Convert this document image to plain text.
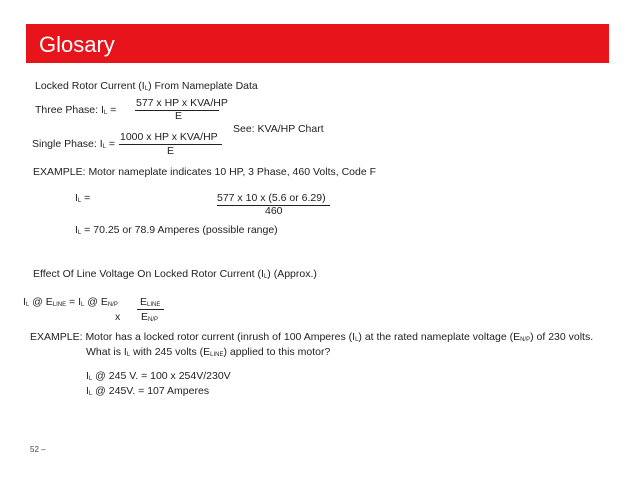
Glosary
Locked Rotor Current $(I_L)$ From Nameplate Data
Three Phase: $I_L$ =
577 x HP x KVA/HP
E
See: KVA/HP Chart
Single Phase: $I_L$ =
1000 x HP x KVA/HP
E
EXAMPLE: Motor nameplate indicates 10 HP, 3 Phase, 460 Volts, Code F
$I_L$ =	577 x 10 x (5.6 or 6.29)
460
$I_L = 70.25$ or 78.9 Amperes (possible range)
Effect Of Line Voltage On Locked Rotor Current $(I_L)$ (Approx.)
$I_L$ @ $E_{LINE} = I_L$ @ $E_{N/P}$ $E_{LINE}$
x $E_{N/P}$
EXAMPLE: Motor has a locked rotor current (inrush of 100 Amperes $(I_L)$ at the rated nameplate voltage $(E_{N/P})$ of 230 volts.
What is $I_L$ with 245 volts $(E_{LINE})$ applied to this motor?
$I_L$ @ 245 V. = 100 x 254V/230V
$I_L$ @ 245V. = 107 Amperes
52 –
